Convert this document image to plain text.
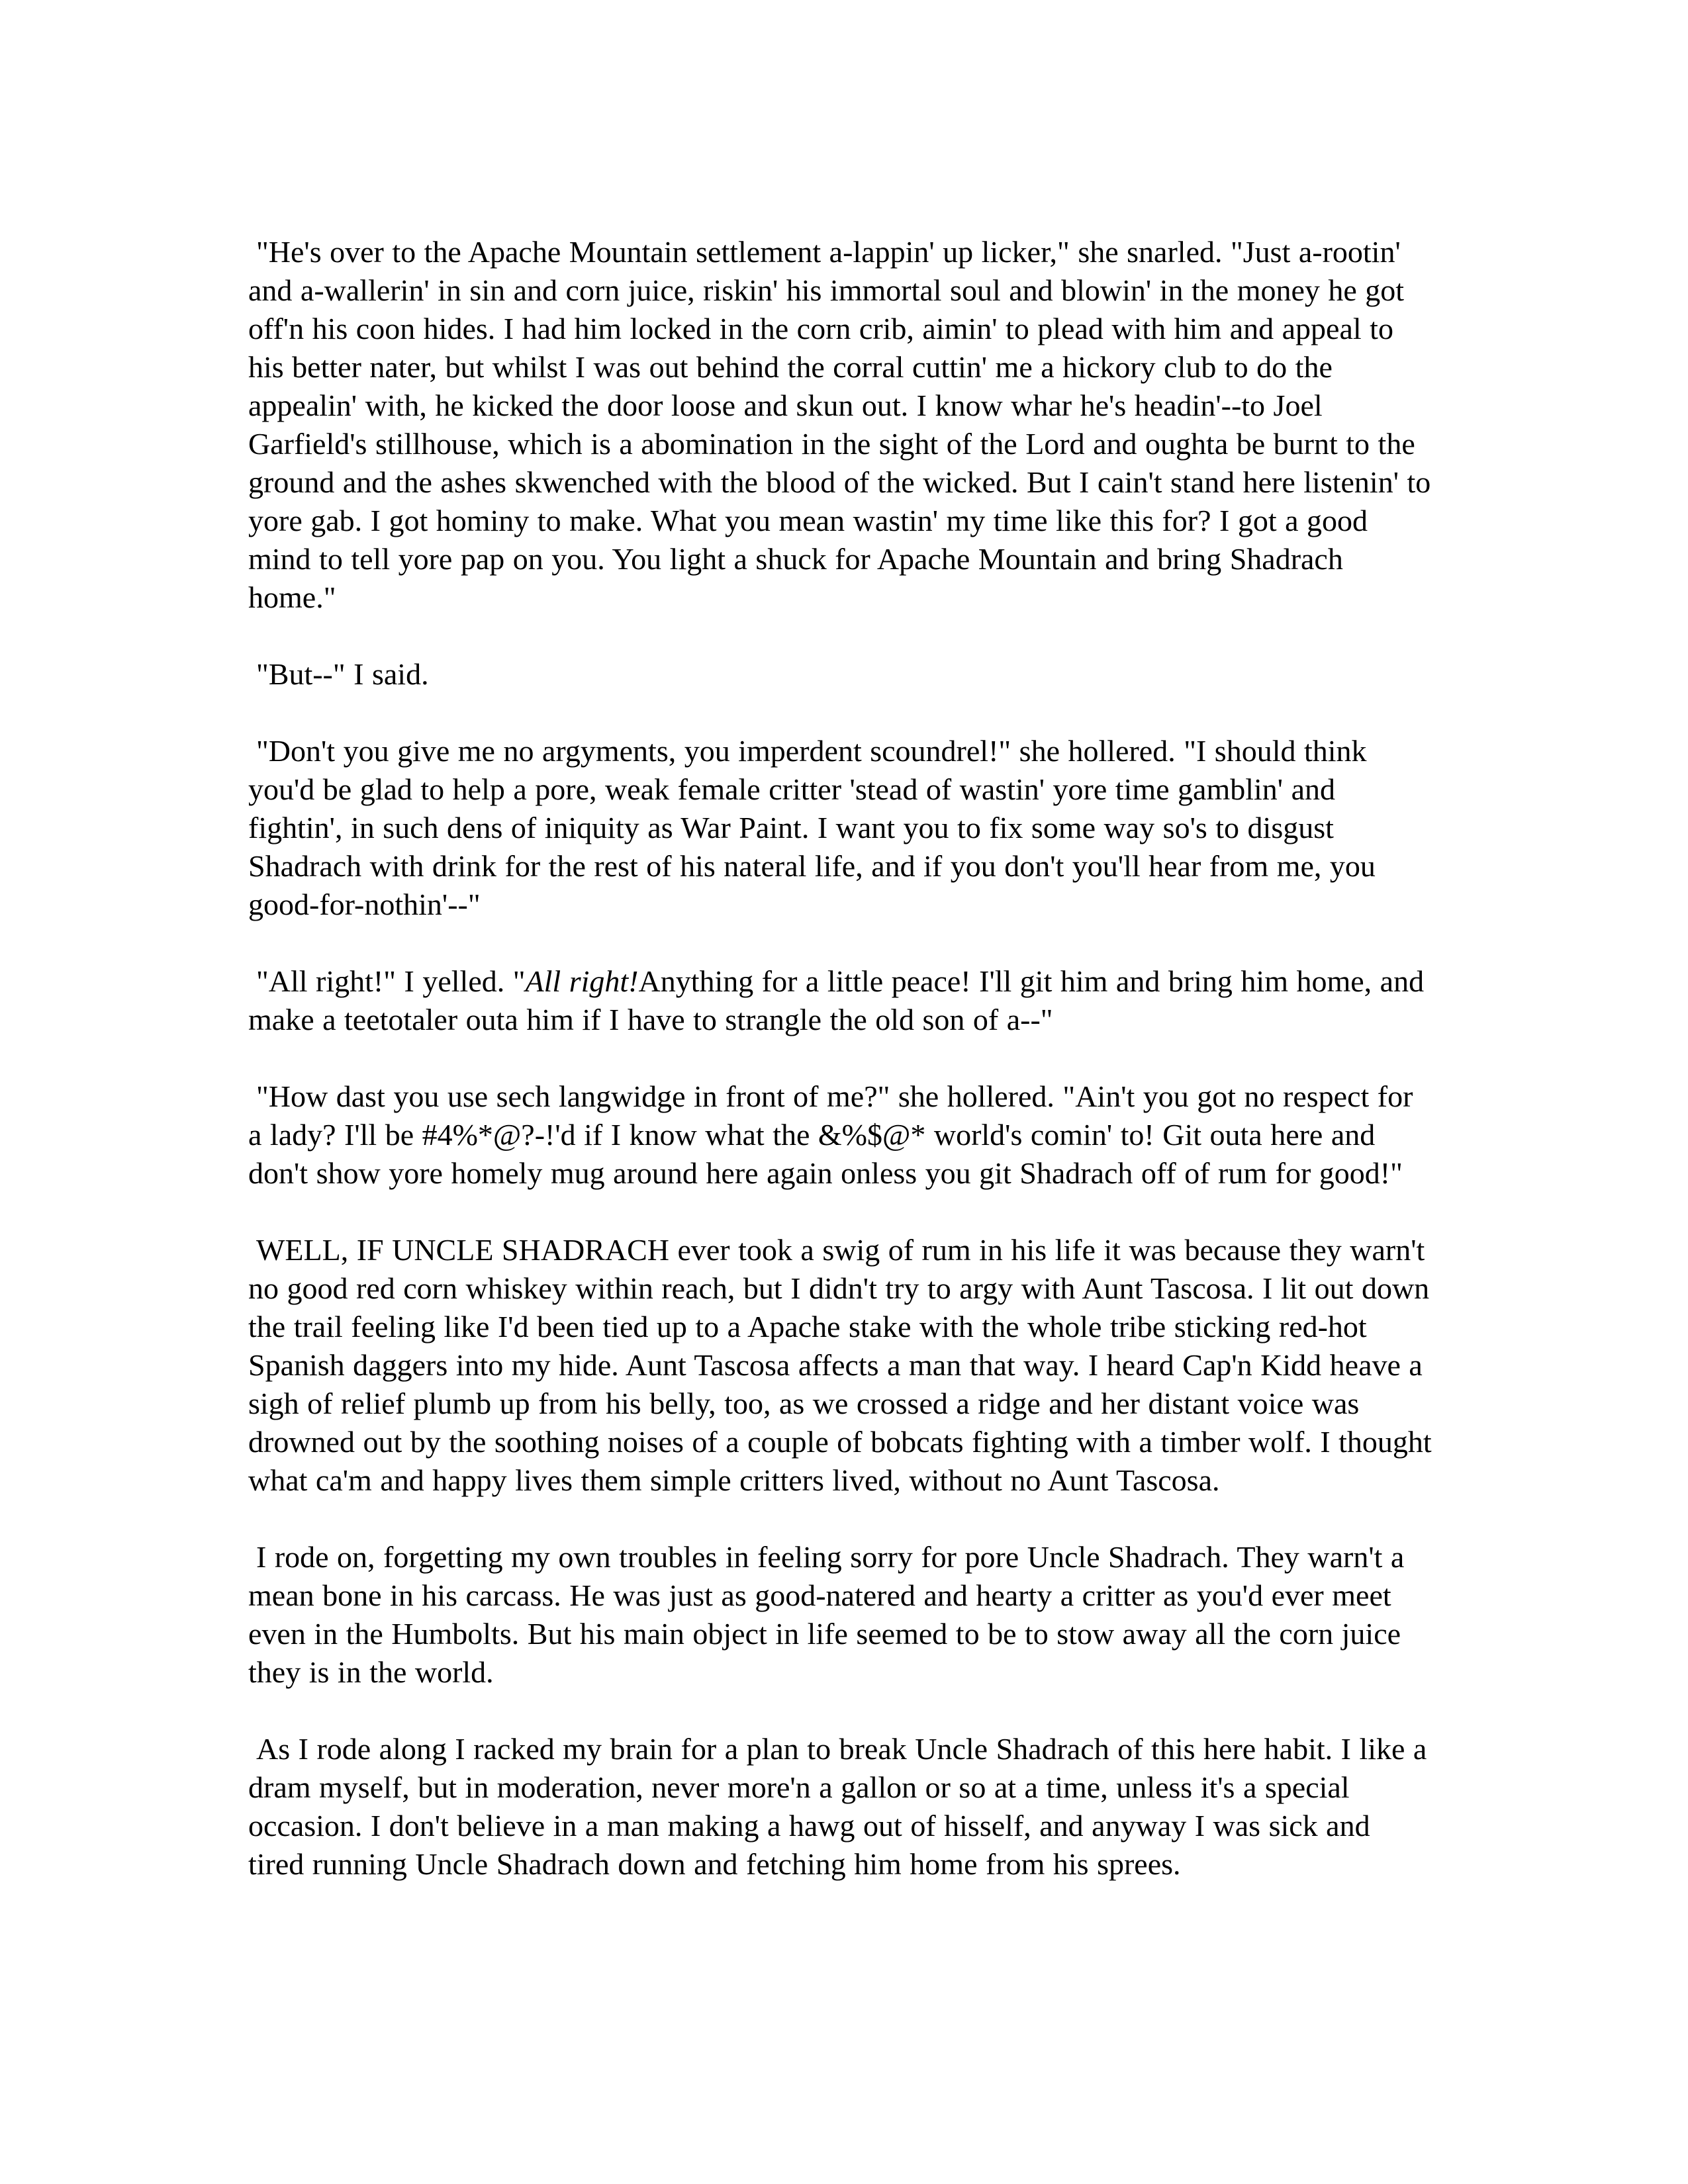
"He's over to the Apache Mountain settlement a-lappin' up licker," she snarled. "Just a-rootin' and a-wallerin' in sin and corn juice, riskin' his immortal soul and blowin' in the money he got off'n his coon hides. I had him locked in the corn crib, aimin' to plead with him and appeal to his better nater, but whilst I was out behind the corral cuttin' me a hickory club to do the appealin' with, he kicked the door loose and skun out. I know whar he's headin'--to Joel Garfield's stillhouse, which is a abomination in the sight of the Lord and oughta be burnt to the ground and the ashes skwenched with the blood of the wicked. But I cain't stand here listenin' to yore gab. I got hominy to make. What you mean wastin' my time like this for? I got a good mind to tell yore pap on you. You light a shuck for Apache Mountain and bring Shadrach home."

"But--" I said.

"Don't you give me no argyments, you imperdent scoundrel!" she hollered. "I should think you'd be glad to help a pore, weak female critter 'stead of wastin' yore time gamblin' and fightin', in such dens of iniquity as War Paint. I want you to fix some way so's to disgust Shadrach with drink for the rest of his nateral life, and if you don't you'll hear from me, you good-for-nothin'--"

"All right!" I yelled. "All right!Anything for a little peace! I'll git him and bring him home, and make a teetotaler outa him if I have to strangle the old son of a--"

"How dast you use sech langwidge in front of me?" she hollered. "Ain't you got no respect for a lady? I'll be #4%*@?-!'d if I know what the &%$@* world's comin' to! Git outa here and don't show yore homely mug around here again onless you git Shadrach off of rum for good!"

WELL, IF UNCLE SHADRACH ever took a swig of rum in his life it was because they warn't no good red corn whiskey within reach, but I didn't try to argy with Aunt Tascosa. I lit out down the trail feeling like I'd been tied up to a Apache stake with the whole tribe sticking red-hot Spanish daggers into my hide. Aunt Tascosa affects a man that way. I heard Cap'n Kidd heave a sigh of relief plumb up from his belly, too, as we crossed a ridge and her distant voice was drowned out by the soothing noises of a couple of bobcats fighting with a timber wolf. I thought what ca'm and happy lives them simple critters lived, without no Aunt Tascosa.

I rode on, forgetting my own troubles in feeling sorry for pore Uncle Shadrach. They warn't a mean bone in his carcass. He was just as good-natered and hearty a critter as you'd ever meet even in the Humbolts. But his main object in life seemed to be to stow away all the corn juice they is in the world.

As I rode along I racked my brain for a plan to break Uncle Shadrach of this here habit. I like a dram myself, but in moderation, never more'n a gallon or so at a time, unless it's a special occasion. I don't believe in a man making a hawg out of hisself, and anyway I was sick and tired running Uncle Shadrach down and fetching him home from his sprees.
